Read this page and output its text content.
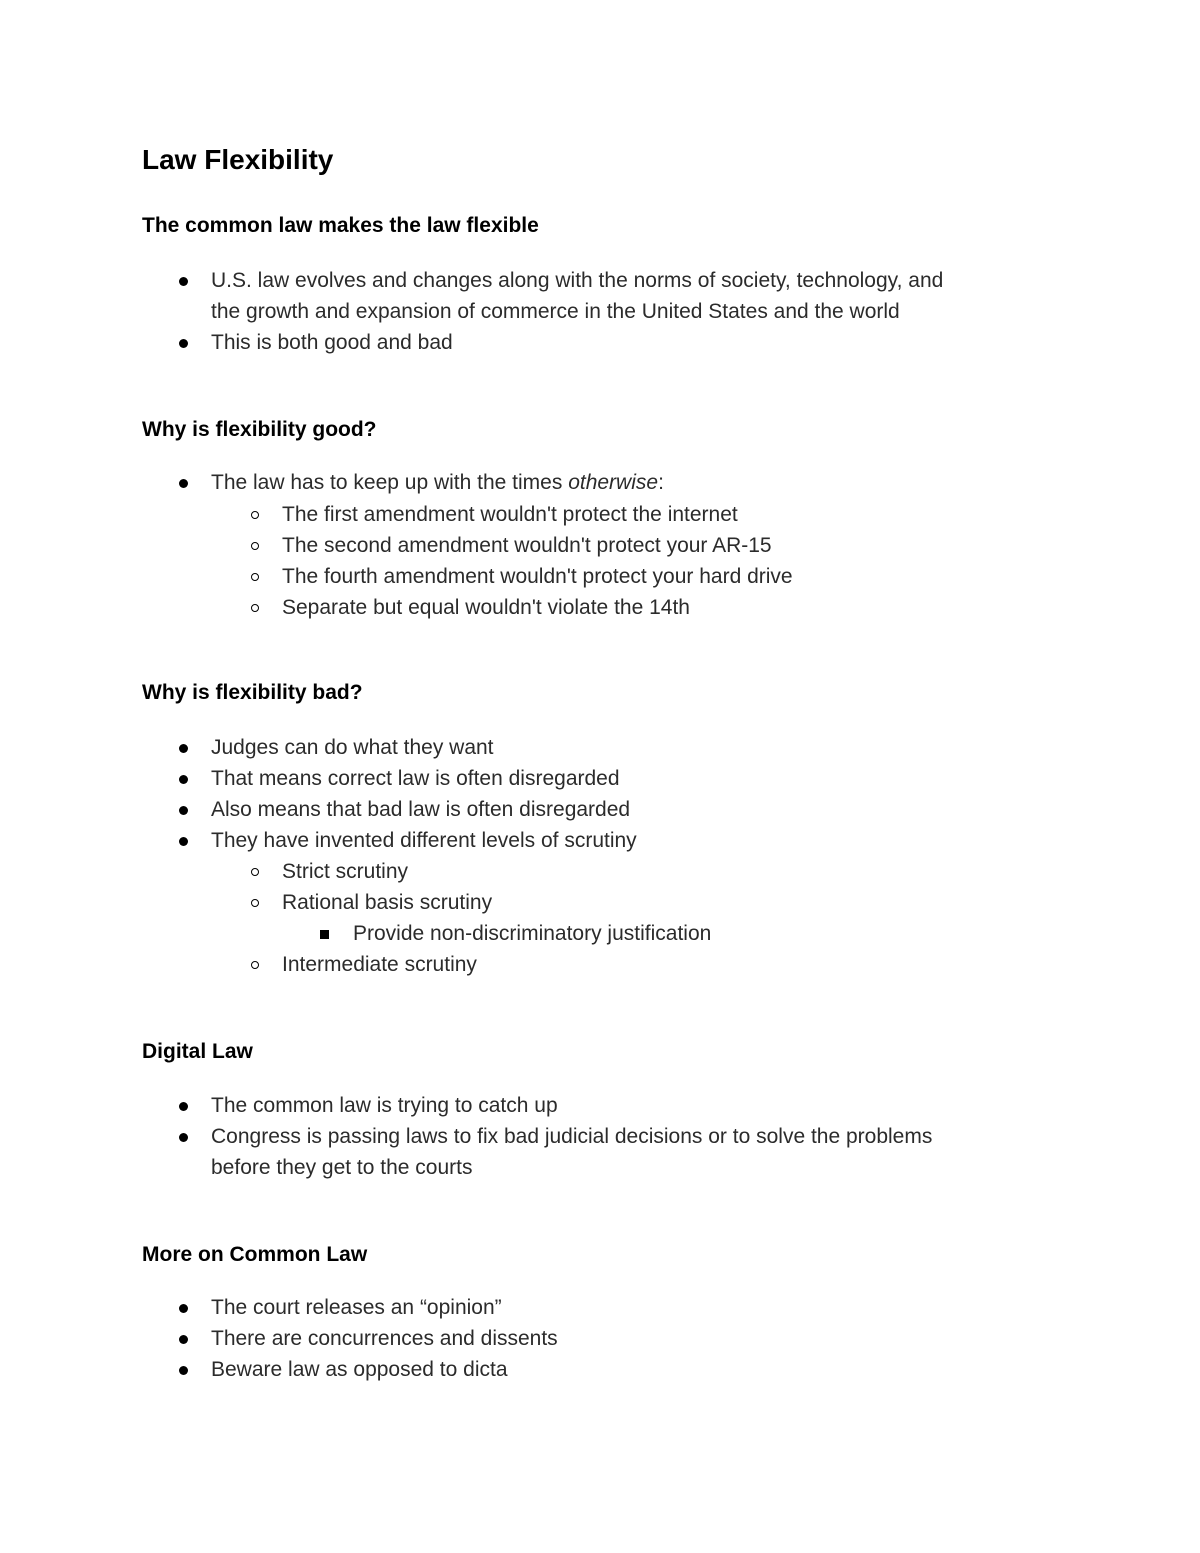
Law Flexibility
The common law makes the law flexible
U.S. law evolves and changes along with the norms of society, technology, and
the growth and expansion of commerce in the United States and the world
This is both good and bad
Why is flexibility good?
The law has to keep up with the times otherwise:
The first amendment wouldn't protect the internet
The second amendment wouldn't protect your AR-15
The fourth amendment wouldn't protect your hard drive
Separate but equal wouldn't violate the 14th
Why is flexibility bad?
Judges can do what they want
That means correct law is often disregarded
Also means that bad law is often disregarded
They have invented different levels of scrutiny
Strict scrutiny
Rational basis scrutiny
Provide non-discriminatory justification
Intermediate scrutiny
Digital Law
The common law is trying to catch up
Congress is passing laws to fix bad judicial decisions or to solve the problems
before they get to the courts
More on Common Law
The court releases an “opinion”
There are concurrences and dissents
Beware law as opposed to dicta
